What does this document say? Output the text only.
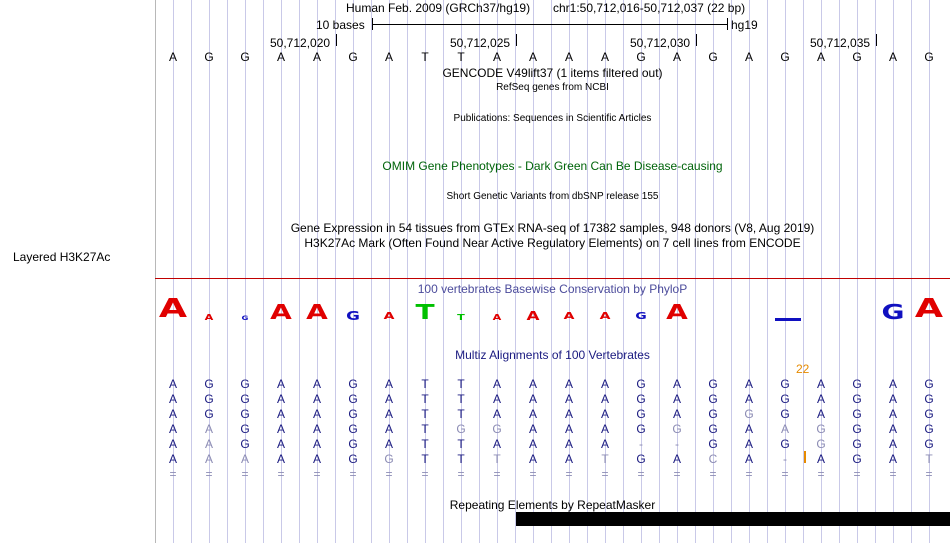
Layered H3K27Ac
Human Feb. 2009 (GRCh37/hg19) chr1:50,712,016-50,712,037 (22 bp)
10 bases	hg19
50,712,020	50,712,025	50,712,030	50,712,035
A	G	G	A	A	G	A	T	T	A	A	A	A	G	A	G	A	G	A	G	A	G
GENCODE V49lift37 (1 items filtered out)
RefSeq genes from NCBI
Publications: Sequences in Scientific Articles
OMIM Gene Phenotypes - Dark Green Can Be Disease-causing
Short Genetic Variants from dbSNP release 155
Gene Expression in 54 tissues from GTEx RNA-seq of 17382 samples, 948 donors (V8, Aug 2019)
H3K27Ac Mark (Often Found Near Active Regulatory Elements) on 7 cell lines from ENCODE
100 vertebrates Basewise Conservation by PhyloP
A	A	G	A A	G	A	T	T	A	A	A	A	G A	G A
Multiz Alignments of 100 Vertebrates
22
A	G	G	A	A	G	A	T	T	A	A	A	A	G	A	G	A	G	A	G	A	G
A	G	G	A	A	G	A	T	T	A	A	A	A	G	A	G	A	G	A	G	A	G
A	G	G	A	A	G	A	T	T	A	A	A	A	G	A	G	G	G	A	G	A	G
A	A	G	A	A	G	A	T	G	G	A	A	A	G	G	G	A	A	G	G	A	G
A	A	G	A	A	G	A	T	T	A	A	A	A	-	-	G	A	G	G	G	A	G
A	A	A	A	A	G	G	T	T	T	A	A	T	G	A	C	A	-	A	G	A	T
=	=	=	=	=	=	=	=	=	=	=	=	=	=	=	=	=	=	=	=	=	=
Repeating Elements by RepeatMasker
